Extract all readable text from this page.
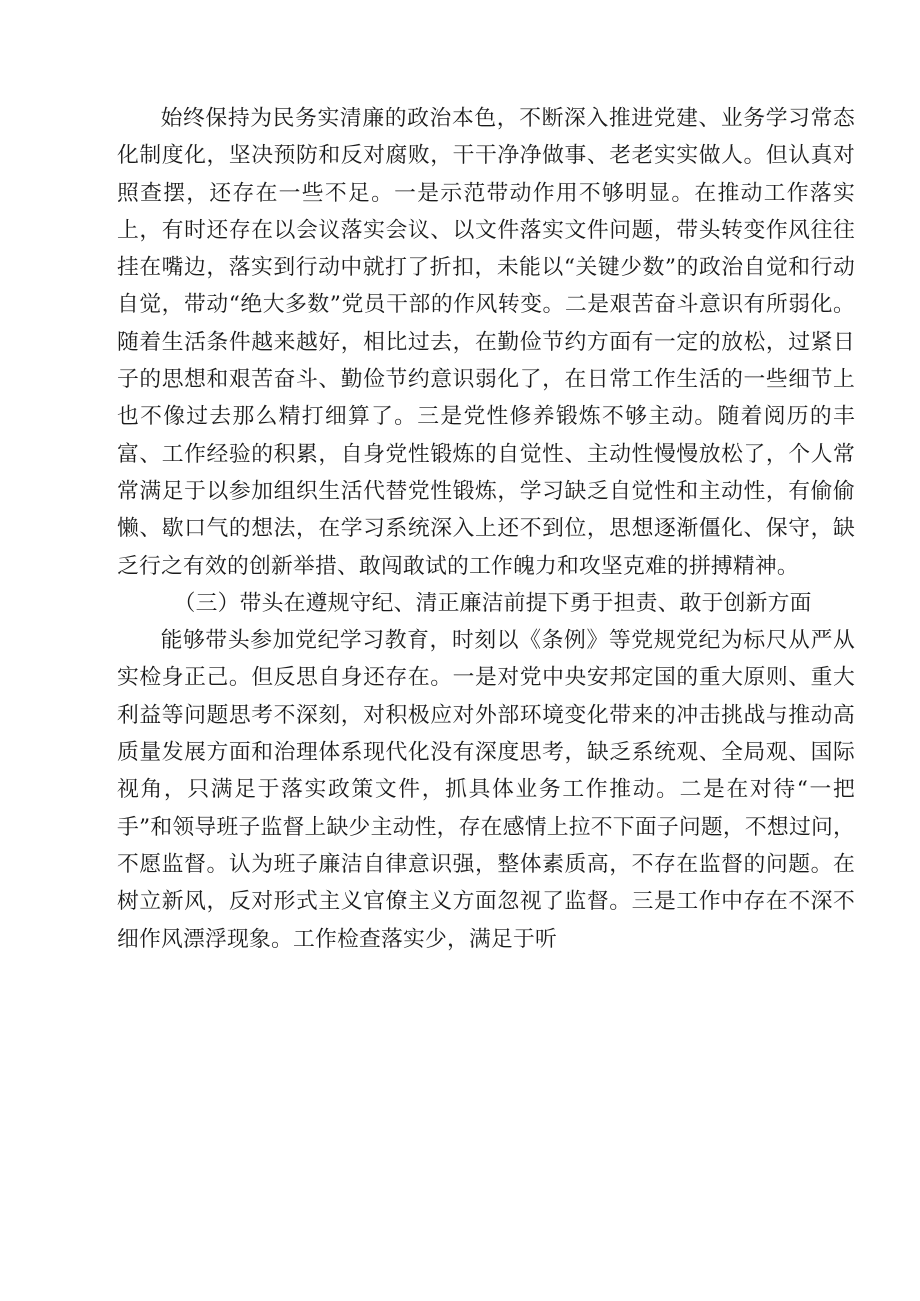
始终保持为民务实清廉的政治本色，不断深入推进党建、业务学习常态化制度化，坚决预防和反对腐败，干干净净做事、老老实实做人。但认真对照查摆，还存在一些不足。一是示范带动作用不够明显。在推动工作落实上，有时还存在以会议落实会议、以文件落实文件问题，带头转变作风往往挂在嘴边，落实到行动中就打了折扣，未能以“关键少数”的政治自觉和行动自觉，带动“绝大多数”党员干部的作风转变。二是艰苦奋斗意识有所弱化。随着生活条件越来越好，相比过去，在勤俭节约方面有一定的放松，过紧日子的思想和艰苦奋斗、勤俭节约意识弱化了，在日常工作生活的一些细节上也不像过去那么精打细算了。三是党性修养锻炼不够主动。随着阅历的丰富、工作经验的积累，自身党性锻炼的自觉性、主动性慢慢放松了，个人常常满足于以参加组织生活代替党性锻炼，学习缺乏自觉性和主动性，有偷偷懒、歇口气的想法，在学习系统深入上还不到位，思想逐渐僵化、保守，缺乏行之有效的创新举措、敢闯敢试的工作魄力和攻坚克难的拼搏精神。

（三）带头在遵规守纪、清正廉洁前提下勇于担责、敢于创新方面

能够带头参加党纪学习教育，时刻以《条例》等党规党纪为标尺从严从实检身正己。但反思自身还存在。一是对党中央安邦定国的重大原则、重大利益等问题思考不深刻，对积极应对外部环境变化带来的冲击挑战与推动高质量发展方面和治理体系现代化没有深度思考，缺乏系统观、全局观、国际视角，只满足于落实政策文件，抓具体业务工作推动。二是在对待“一把手”和领导班子监督上缺少主动性，存在感情上拉不下面子问题，不想过问，不愿监督。认为班子廉洁自律意识强，整体素质高，不存在监督的问题。在树立新风，反对形式主义官僚主义方面忽视了监督。三是工作中存在不深不细作风漂浮现象。工作检查落实少，满足于听
